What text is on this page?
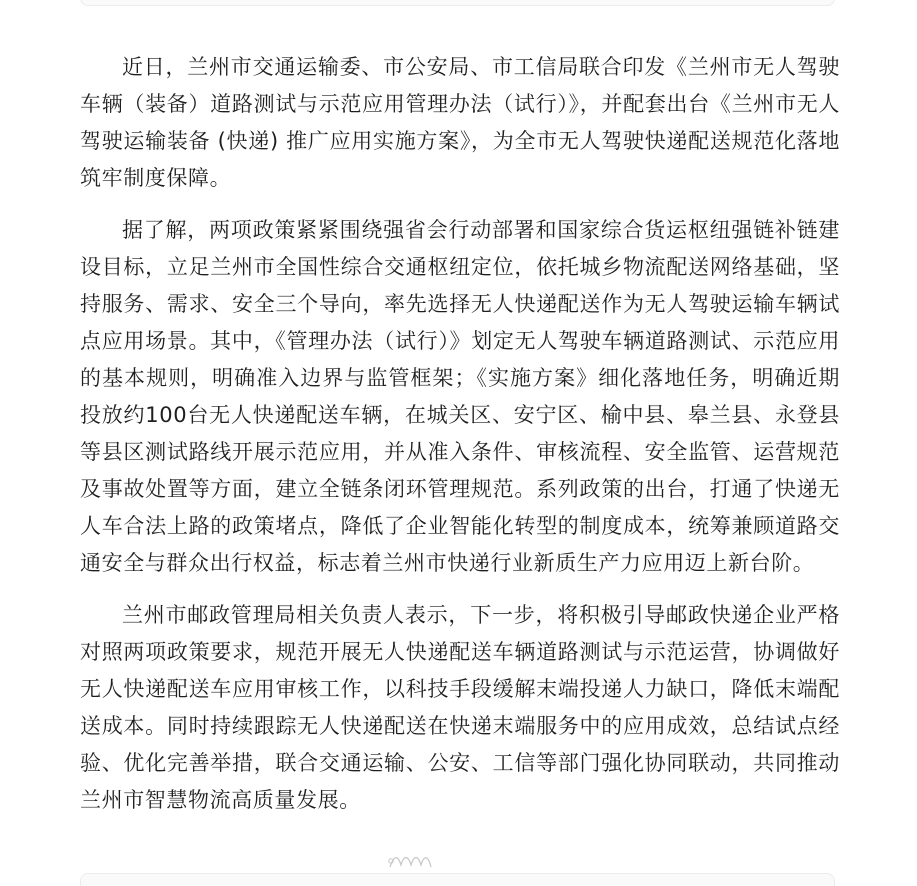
近日，兰州市交通运输委、市公安局、市工信局联合印发《兰州市无人驾驶车辆（装备）道路测试与示范应用管理办法（试行）》，并配套出台《兰州市无人驾驶运输装备 (快递) 推广应用实施方案》，为全市无人驾驶快递配送规范化落地筑牢制度保障。

据了解，两项政策紧紧围绕强省会行动部署和国家综合货运枢纽强链补链建设目标，立足兰州市全国性综合交通枢纽定位，依托城乡物流配送网络基础，坚持服务、需求、安全三个导向，率先选择无人快递配送作为无人驾驶运输车辆试点应用场景。其中，《管理办法（试行）》划定无人驾驶车辆道路测试、示范应用的基本规则，明确准入边界与监管框架；《实施方案》细化落地任务，明确近期投放约100台无人快递配送车辆，在城关区、安宁区、榆中县、皋兰县、永登县等县区测试路线开展示范应用，并从准入条件、审核流程、安全监管、运营规范及事故处置等方面，建立全链条闭环管理规范。系列政策的出台，打通了快递无人车合法上路的政策堵点，降低了企业智能化转型的制度成本，统筹兼顾道路交通安全与群众出行权益，标志着兰州市快递行业新质生产力应用迈上新台阶。

兰州市邮政管理局相关负责人表示，下一步，将积极引导邮政快递企业严格对照两项政策要求，规范开展无人快递配送车辆道路测试与示范运营，协调做好无人快递配送车应用审核工作，以科技手段缓解末端投递人力缺口，降低末端配送成本。同时持续跟踪无人快递配送在快递末端服务中的应用成效，总结试点经验、优化完善举措，联合交通运输、公安、工信等部门强化协同联动，共同推动兰州市智慧物流高质量发展。
